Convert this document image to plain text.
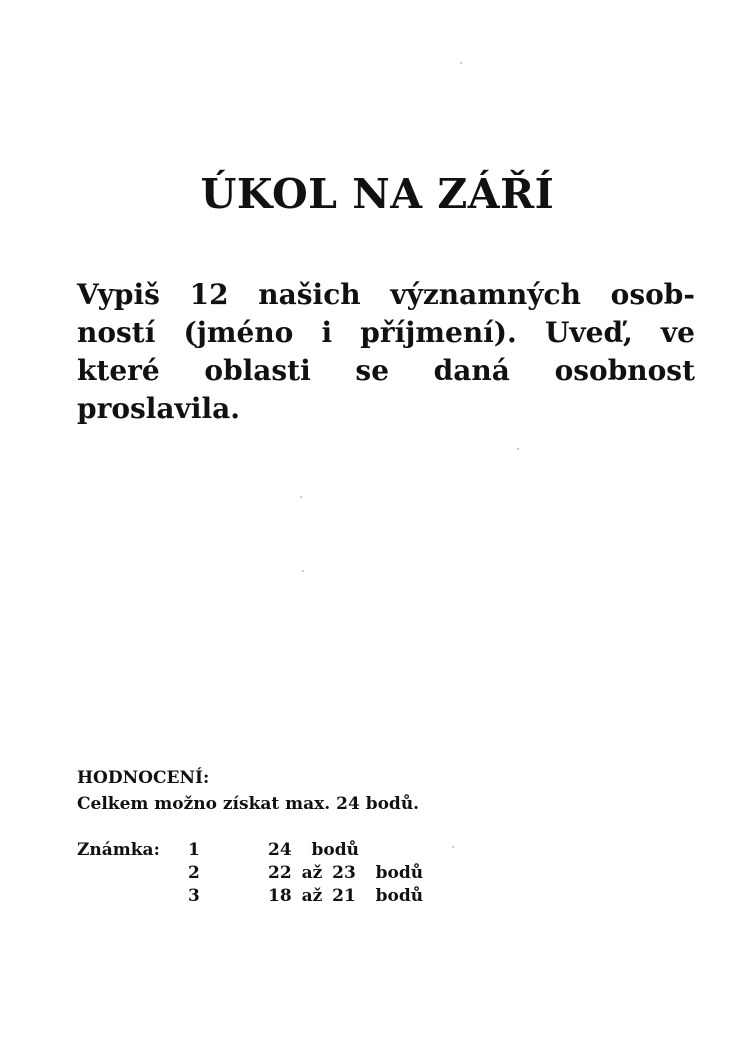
ÚKOL NA ZÁŘÍ

Vypiš 12 našich významných osob-
ností (jméno i příjmení). Uveď, ve
které oblasti se daná osobnost
proslavila.

HODNOCENÍ:
Celkem možno získat max. 24 bodů.
Známka:	1	24  bodů
	2	22 až 23  bodů
	3	18 až 21  bodů
